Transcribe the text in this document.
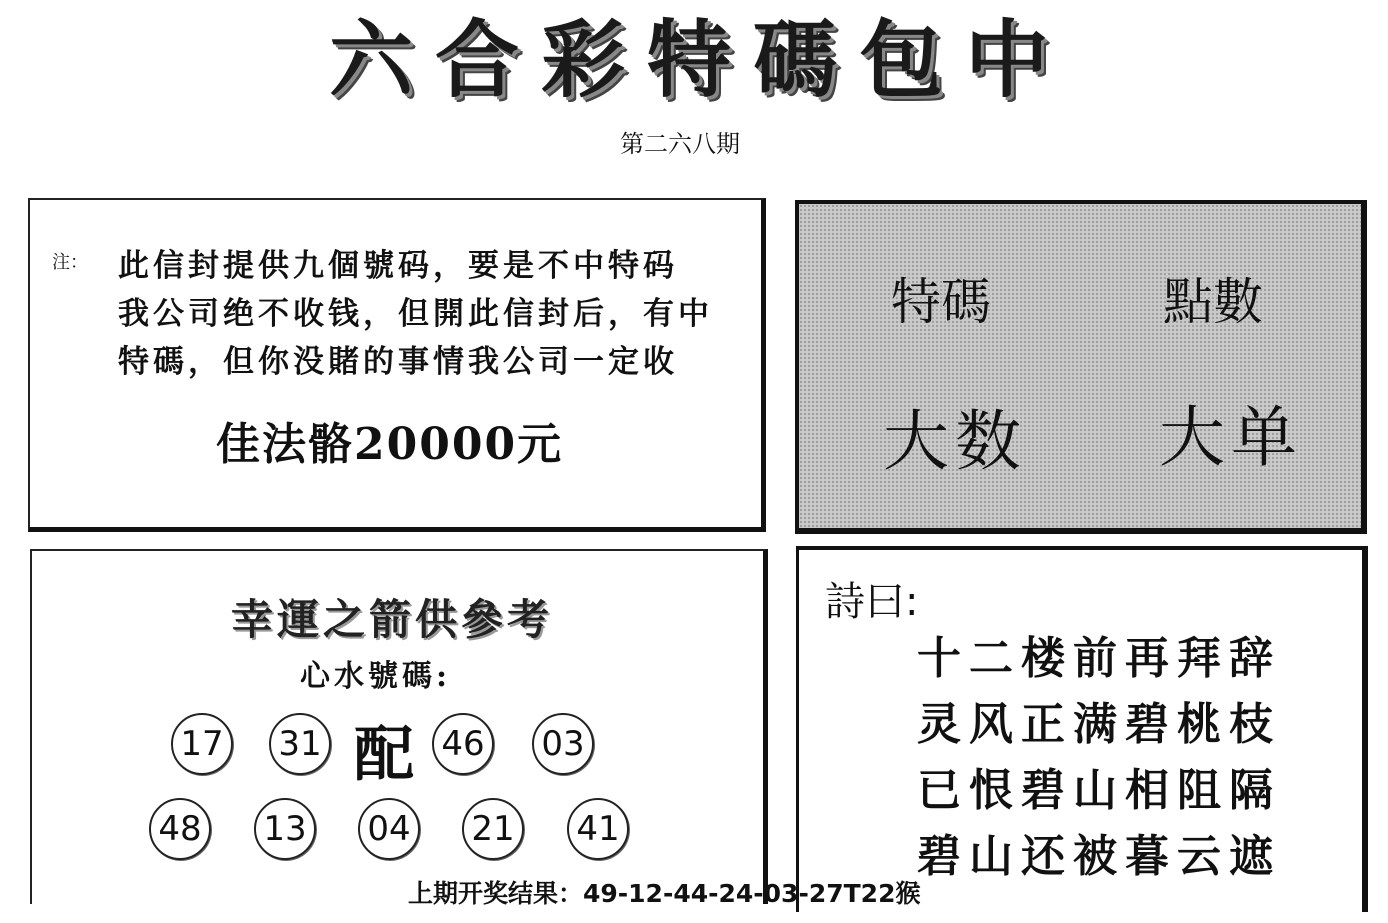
六合彩特碼包中
第二六八期
注： 此信封提供九個號码，要是不中特码
我公司绝不收钱，但開此信封后，有中
特碼，但你没賭的事情我公司一定收
佳法骼20000元
特碼	點數
大数 大单
幸運之箭供參考
心水號碼:
17 31 配 46 03
48 13 04 21 41
詩曰:
十二楼前再拜辞
灵风正满碧桃枝
已恨碧山相阻隔
碧山还被暮云遮
上期开奖结果：49-12-44-24-03-27T22猴
